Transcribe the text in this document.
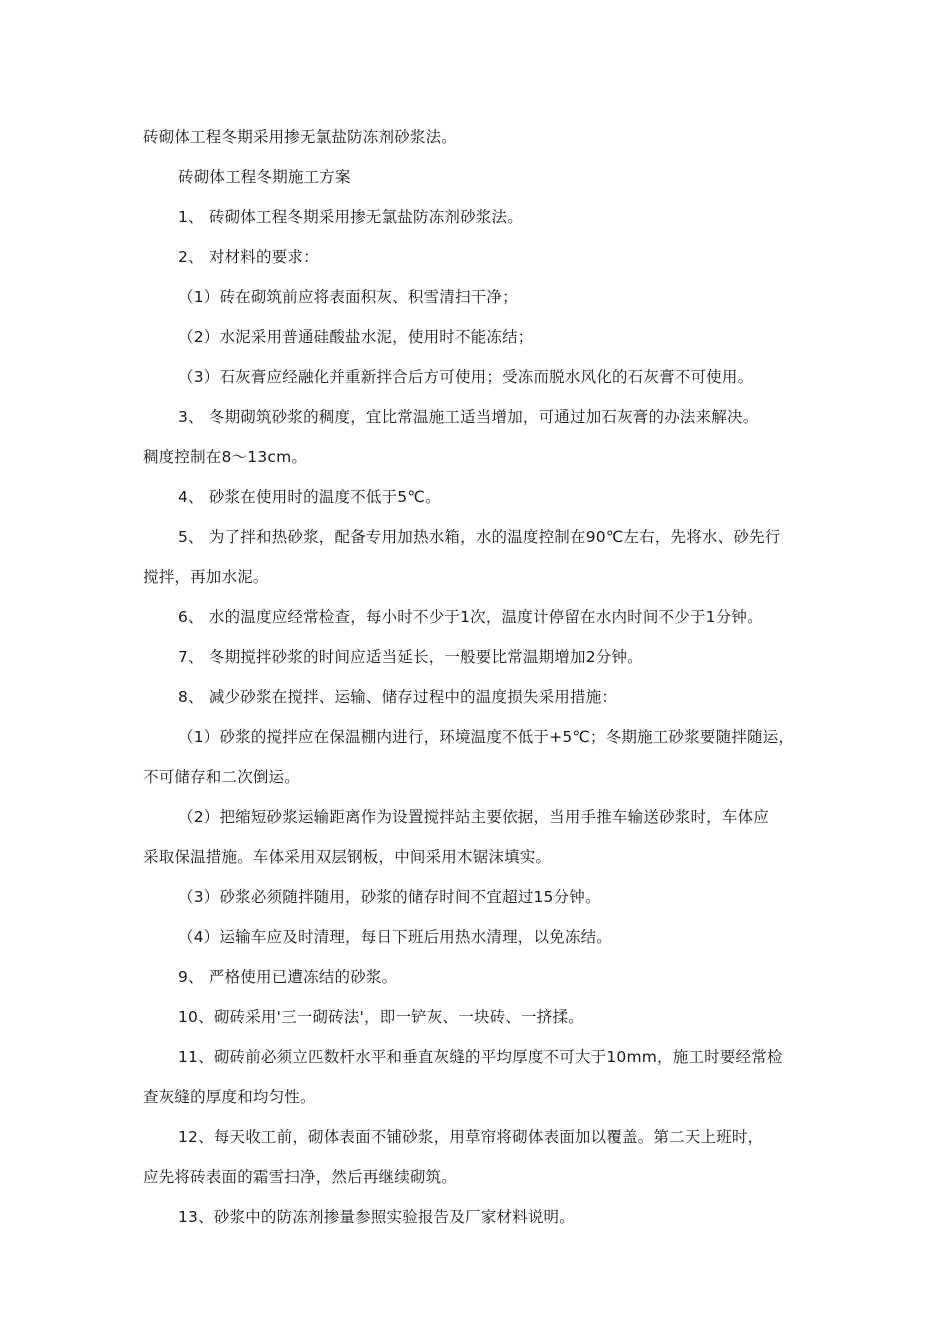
砖砌体工程冬期采用掺无氯盐防冻剂砂浆法。
砖砌体工程冬期施工方案
1、 砖砌体工程冬期采用掺无氯盐防冻剂砂浆法。
2、 对材料的要求：
（1）砖在砌筑前应将表面积灰、积雪清扫干净；
（2）水泥采用普通硅酸盐水泥，使用时不能冻结；
（3）石灰膏应经融化并重新拌合后方可使用；受冻而脱水风化的石灰膏不可使用。
3、 冬期砌筑砂浆的稠度，宜比常温施工适当增加，可通过加石灰膏的办法来解决。
稠度控制在8～13cm。
4、 砂浆在使用时的温度不低于5℃。
5、 为了拌和热砂浆，配备专用加热水箱，水的温度控制在90℃左右，先将水、砂先行
搅拌，再加水泥。
6、 水的温度应经常检查，每小时不少于1次，温度计停留在水内时间不少于1分钟。
7、 冬期搅拌砂浆的时间应适当延长，一般要比常温期增加2分钟。
8、 减少砂浆在搅拌、运输、储存过程中的温度损失采用措施：
（1）砂浆的搅拌应在保温棚内进行，环境温度不低于+5℃；冬期施工砂浆要随拌随运，
不可储存和二次倒运。
（2）把缩短砂浆运输距离作为设置搅拌站主要依据，当用手推车输送砂浆时，车体应
采取保温措施。车体采用双层钢板，中间采用木锯沫填实。
（3）砂浆必须随拌随用，砂浆的储存时间不宜超过15分钟。
（4）运输车应及时清理，每日下班后用热水清理，以免冻结。
9、 严格使用已遭冻结的砂浆。
10、砌砖采用'三一砌砖法'，即一铲灰、一块砖、一挤揉。
11、砌砖前必须立匹数杆水平和垂直灰缝的平均厚度不可大于10mm，施工时要经常检
查灰缝的厚度和均匀性。
12、每天收工前，砌体表面不铺砂浆，用草帘将砌体表面加以覆盖。第二天上班时，
应先将砖表面的霜雪扫净，然后再继续砌筑。
13、砂浆中的防冻剂掺量参照实验报告及厂家材料说明。
